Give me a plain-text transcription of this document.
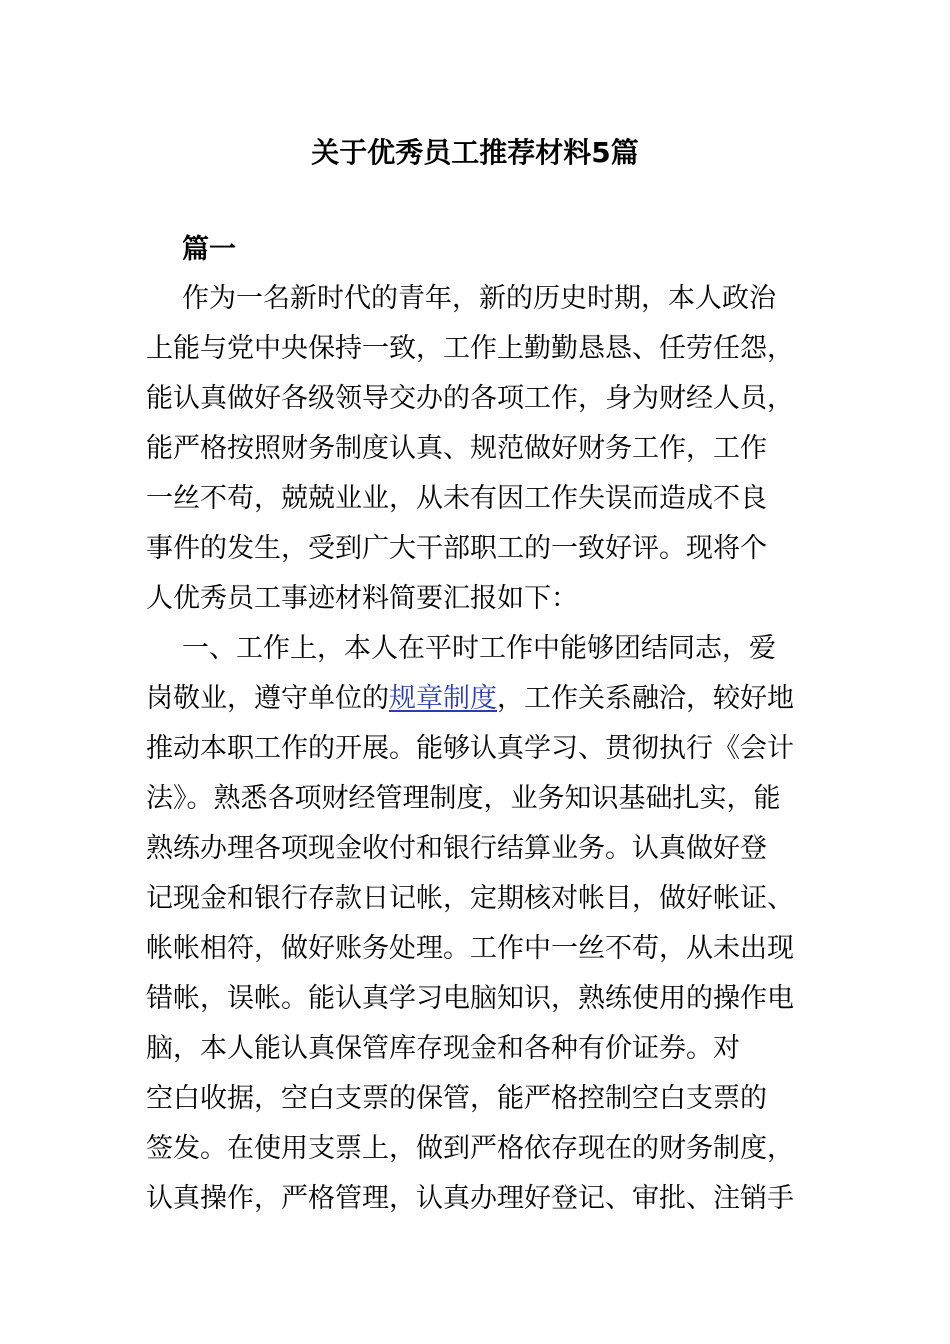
关于优秀员工推荐材料5篇
篇一

作为一名新时代的青年，新的历史时期，本人政治

上能与党中央保持一致，工作上勤勤恳恳、任劳任怨，

能认真做好各级领导交办的各项工作，身为财经人员，

能严格按照财务制度认真、规范做好财务工作，工作

一丝不苟，兢兢业业，从未有因工作失误而造成不良

事件的发生，受到广大干部职工的一致好评。现将个

人优秀员工事迹材料简要汇报如下：

一、工作上，本人在平时工作中能够团结同志，爱

岗敬业，遵守单位的规章制度，工作关系融洽，较好地

推动本职工作的开展。能够认真学习、贯彻执行《会计

法》。熟悉各项财经管理制度，业务知识基础扎实，能

熟练办理各项现金收付和银行结算业务。认真做好登

记现金和银行存款日记帐，定期核对帐目，做好帐证、

帐帐相符，做好账务处理。工作中一丝不苟，从未出现

错帐，误帐。能认真学习电脑知识，熟练使用的操作电

脑，本人能认真保管库存现金和各种有价证券。对

空白收据，空白支票的保管，能严格控制空白支票的

签发。在使用支票上，做到严格依存现在的财务制度，

认真操作，严格管理，认真办理好登记、审批、注销手
